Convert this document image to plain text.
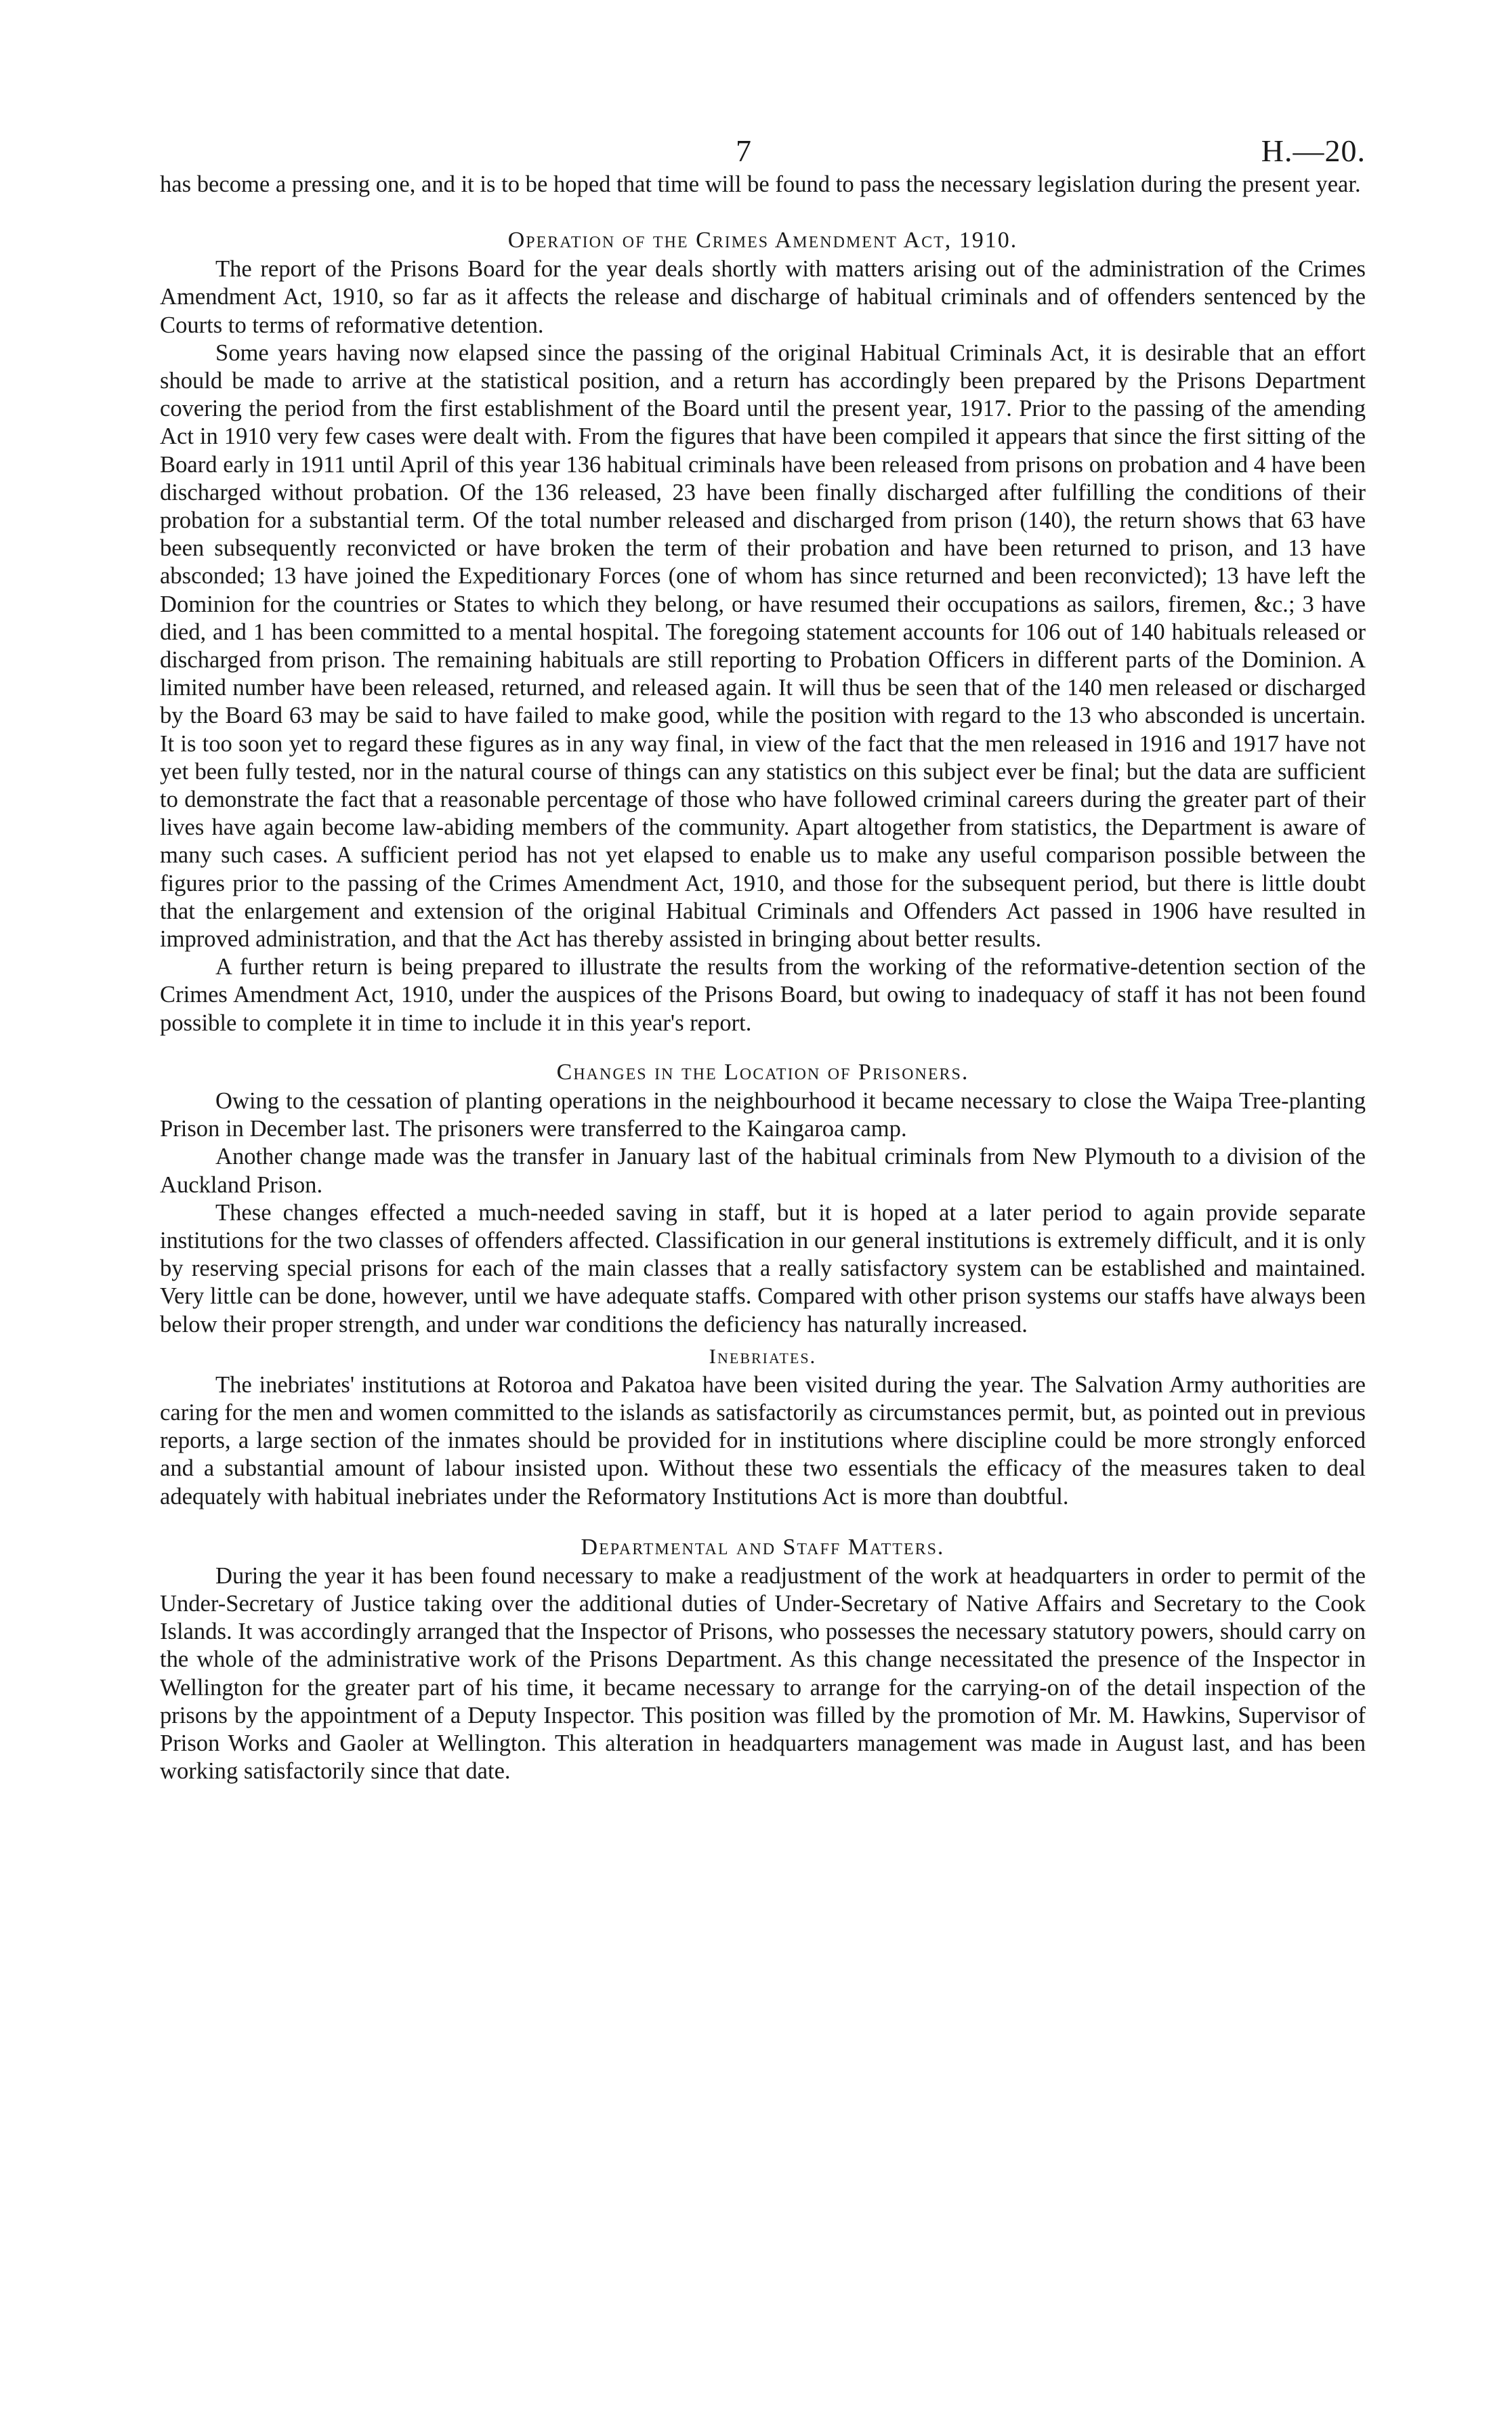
7	H.—20.

has become a pressing one, and it is to be hoped that time will be found to pass the necessary legislation during the present year.

Operation of the Crimes Amendment Act, 1910.

The report of the Prisons Board for the year deals shortly with matters arising out of the administration of the Crimes Amendment Act, 1910, so far as it affects the release and discharge of habitual criminals and of offenders sentenced by the Courts to terms of reformative detention.

Some years having now elapsed since the passing of the original Habitual Criminals Act, it is desirable that an effort should be made to arrive at the statistical position, and a return has accordingly been prepared by the Prisons Department covering the period from the first establishment of the Board until the present year, 1917. Prior to the passing of the amending Act in 1910 very few cases were dealt with. From the figures that have been compiled it appears that since the first sitting of the Board early in 1911 until April of this year 136 habitual criminals have been released from prisons on probation and 4 have been discharged without probation. Of the 136 released, 23 have been finally discharged after fulfilling the conditions of their probation for a substantial term. Of the total number released and discharged from prison (140), the return shows that 63 have been subsequently reconvicted or have broken the term of their probation and have been returned to prison, and 13 have absconded; 13 have joined the Expeditionary Forces (one of whom has since returned and been reconvicted); 13 have left the Dominion for the countries or States to which they belong, or have resumed their occupations as sailors, firemen, &c.; 3 have died, and 1 has been committed to a mental hospital. The foregoing statement accounts for 106 out of 140 habituals released or discharged from prison. The remaining habituals are still reporting to Probation Officers in different parts of the Dominion. A limited number have been released, returned, and released again. It will thus be seen that of the 140 men released or discharged by the Board 63 may be said to have failed to make good, while the position with regard to the 13 who absconded is uncertain. It is too soon yet to regard these figures as in any way final, in view of the fact that the men released in 1916 and 1917 have not yet been fully tested, nor in the natural course of things can any statistics on this subject ever be final; but the data are sufficient to demonstrate the fact that a reasonable percentage of those who have followed criminal careers during the greater part of their lives have again become law-abiding members of the community. Apart altogether from statistics, the Department is aware of many such cases. A sufficient period has not yet elapsed to enable us to make any useful comparison possible between the figures prior to the passing of the Crimes Amendment Act, 1910, and those for the subsequent period, but there is little doubt that the enlargement and extension of the original Habitual Criminals and Offenders Act passed in 1906 have resulted in improved administration, and that the Act has thereby assisted in bringing about better results.

A further return is being prepared to illustrate the results from the working of the reformative-detention section of the Crimes Amendment Act, 1910, under the auspices of the Prisons Board, but owing to inadequacy of staff it has not been found possible to complete it in time to include it in this year's report.

Changes in the Location of Prisoners.

Owing to the cessation of planting operations in the neighbourhood it became necessary to close the Waipa Tree-planting Prison in December last. The prisoners were transferred to the Kaingaroa camp.

Another change made was the transfer in January last of the habitual criminals from New Plymouth to a division of the Auckland Prison.

These changes effected a much-needed saving in staff, but it is hoped at a later period to again provide separate institutions for the two classes of offenders affected. Classification in our general institutions is extremely difficult, and it is only by reserving special prisons for each of the main classes that a really satisfactory system can be established and maintained. Very little can be done, however, until we have adequate staffs. Compared with other prison systems our staffs have always been below their proper strength, and under war conditions the deficiency has naturally increased.

Inebriates.

The inebriates' institutions at Rotoroa and Pakatoa have been visited during the year. The Salvation Army authorities are caring for the men and women committed to the islands as satisfactorily as circumstances permit, but, as pointed out in previous reports, a large section of the inmates should be provided for in institutions where discipline could be more strongly enforced and a substantial amount of labour insisted upon. Without these two essentials the efficacy of the measures taken to deal adequately with habitual inebriates under the Reformatory Institutions Act is more than doubtful.

Departmental and Staff Matters.

During the year it has been found necessary to make a readjustment of the work at headquarters in order to permit of the Under-Secretary of Justice taking over the additional duties of Under-Secretary of Native Affairs and Secretary to the Cook Islands. It was accordingly arranged that the Inspector of Prisons, who possesses the necessary statutory powers, should carry on the whole of the administrative work of the Prisons Department. As this change necessitated the presence of the Inspector in Wellington for the greater part of his time, it became necessary to arrange for the carrying-on of the detail inspection of the prisons by the appointment of a Deputy Inspector. This position was filled by the promotion of Mr. M. Hawkins, Supervisor of Prison Works and Gaoler at Wellington. This alteration in headquarters management was made in August last, and has been working satisfactorily since that date.
